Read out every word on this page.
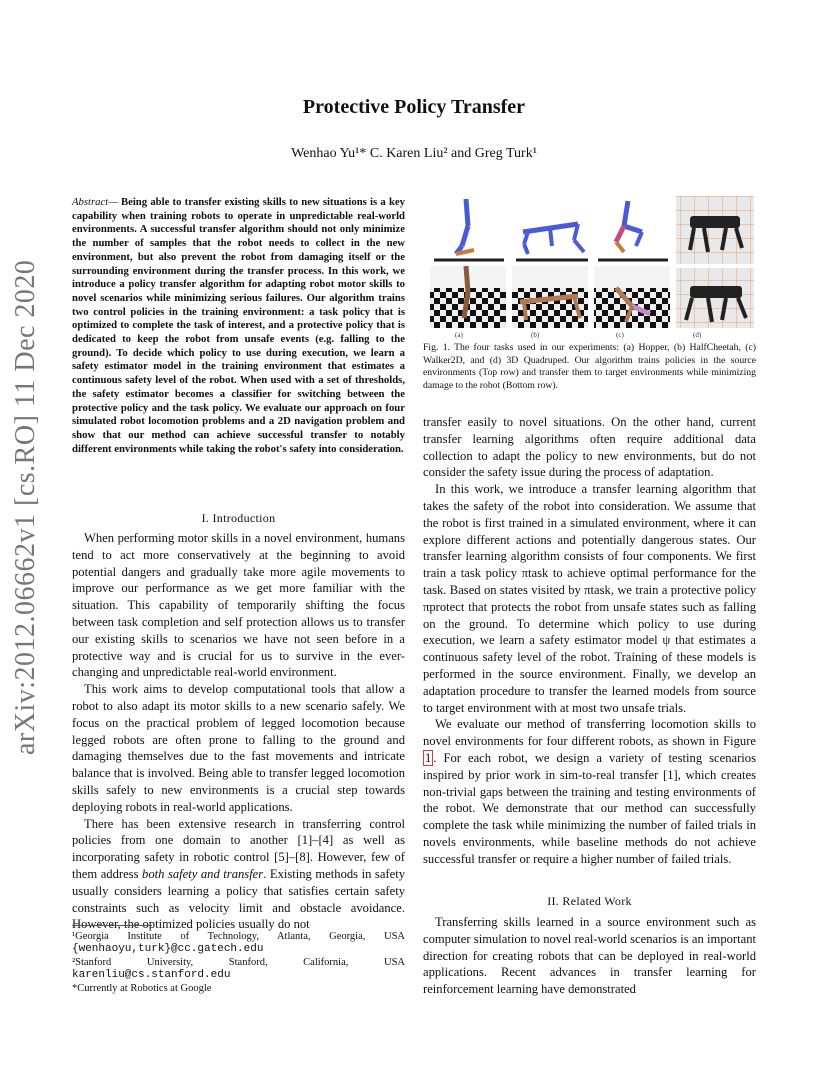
Protective Policy Transfer
Wenhao Yu¹* C. Karen Liu² and Greg Turk¹
arXiv:2012.06662v1 [cs.RO] 11 Dec 2020
Abstract— Being able to transfer existing skills to new situations is a key capability when training robots to operate in unpredictable real-world environments. A successful transfer algorithm should not only minimize the number of samples that the robot needs to collect in the new environment, but also prevent the robot from damaging itself or the surrounding environment during the transfer process. In this work, we introduce a policy transfer algorithm for adapting robot motor skills to novel scenarios while minimizing serious failures. Our algorithm trains two control policies in the training environment: a task policy that is optimized to complete the task of interest, and a protective policy that is dedicated to keep the robot from unsafe events (e.g. falling to the ground). To decide which policy to use during execution, we learn a safety estimator model in the training environment that estimates a continuous safety level of the robot. When used with a set of thresholds, the safety estimator becomes a classifier for switching between the protective policy and the task policy. We evaluate our approach on four simulated robot locomotion problems and a 2D navigation problem and show that our method can achieve successful transfer to notably different environments while taking the robot's safety into consideration.
I. Introduction

When performing motor skills in a novel environment, humans tend to act more conservatively at the beginning to avoid potential dangers and gradually take more agile movements to improve our performance as we get more familiar with the situation. This capability of temporarily shifting the focus between task completion and self protection allows us to transfer our existing skills to scenarios we have not seen before in a protective way and is crucial for us to survive in the ever-changing and unpredictable real-world environment.

This work aims to develop computational tools that allow a robot to also adapt its motor skills to a new scenario safely. We focus on the practical problem of legged locomotion because legged robots are often prone to falling to the ground and damaging themselves due to the fast movements and intricate balance that is involved. Being able to transfer legged locomotion skills safely to new environments is a crucial step towards deploying robots in real-world applications.

There has been extensive research in transferring control policies from one domain to another [1]–[4] as well as incorporating safety in robotic control [5]–[8]. However, few of them address both safety and transfer. Existing methods in safety usually considers learning a policy that satisfies certain safety constraints such as velocity limit and obstacle avoidance. However, the optimized policies usually do not

¹Georgia Institute of Technology, Atlanta, Georgia, USA
{wenhaoyu,turk}@cc.gatech.edu
²Stanford University, Stanford, California, USA
karenliu@cs.stanford.edu
*Currently at Robotics at Google
(a)	(b)	(c)	(d)
Fig. 1. The four tasks used in our experiments: (a) Hopper, (b) HalfCheetah, (c) Walker2D, and (d) 3D Quadruped. Our algorithm trains policies in the source environments (Top row) and transfer them to target environments while minimizing damage to the robot (Bottom row).

transfer easily to novel situations. On the other hand, current transfer learning algorithms often require additional data collection to adapt the policy to new environments, but do not consider the safety issue during the process of adaptation.

In this work, we introduce a transfer learning algorithm that takes the safety of the robot into consideration. We assume that the robot is first trained in a simulated environment, where it can explore different actions and potentially dangerous states. Our transfer learning algorithm consists of four components. We first train a task policy πtask to achieve optimal performance for the task. Based on states visited by πtask, we train a protective policy πprotect that protects the robot from unsafe states such as falling on the ground. To determine which policy to use during execution, we learn a safety estimator model ψ that estimates a continuous safety level of the robot. Training of these models is performed in the source environment. Finally, we develop an adaptation procedure to transfer the learned models from source to target environment with at most two unsafe trials.

We evaluate our method of transferring locomotion skills to novel environments for four different robots, as shown in Figure 1 . For each robot, we design a variety of testing scenarios inspired by prior work in sim-to-real transfer [1], which creates non-trivial gaps between the training and testing environments of the robot. We demonstrate that our method can successfully complete the task while minimizing the number of failed trials in novels environments, while baseline methods do not achieve successful transfer or require a higher number of failed trials.

II. Related Work

Transferring skills learned in a source environment such as computer simulation to novel real-world scenarios is an important direction for creating robots that can be deployed in real-world applications. Recent advances in transfer learning for reinforcement learning have demonstrated
